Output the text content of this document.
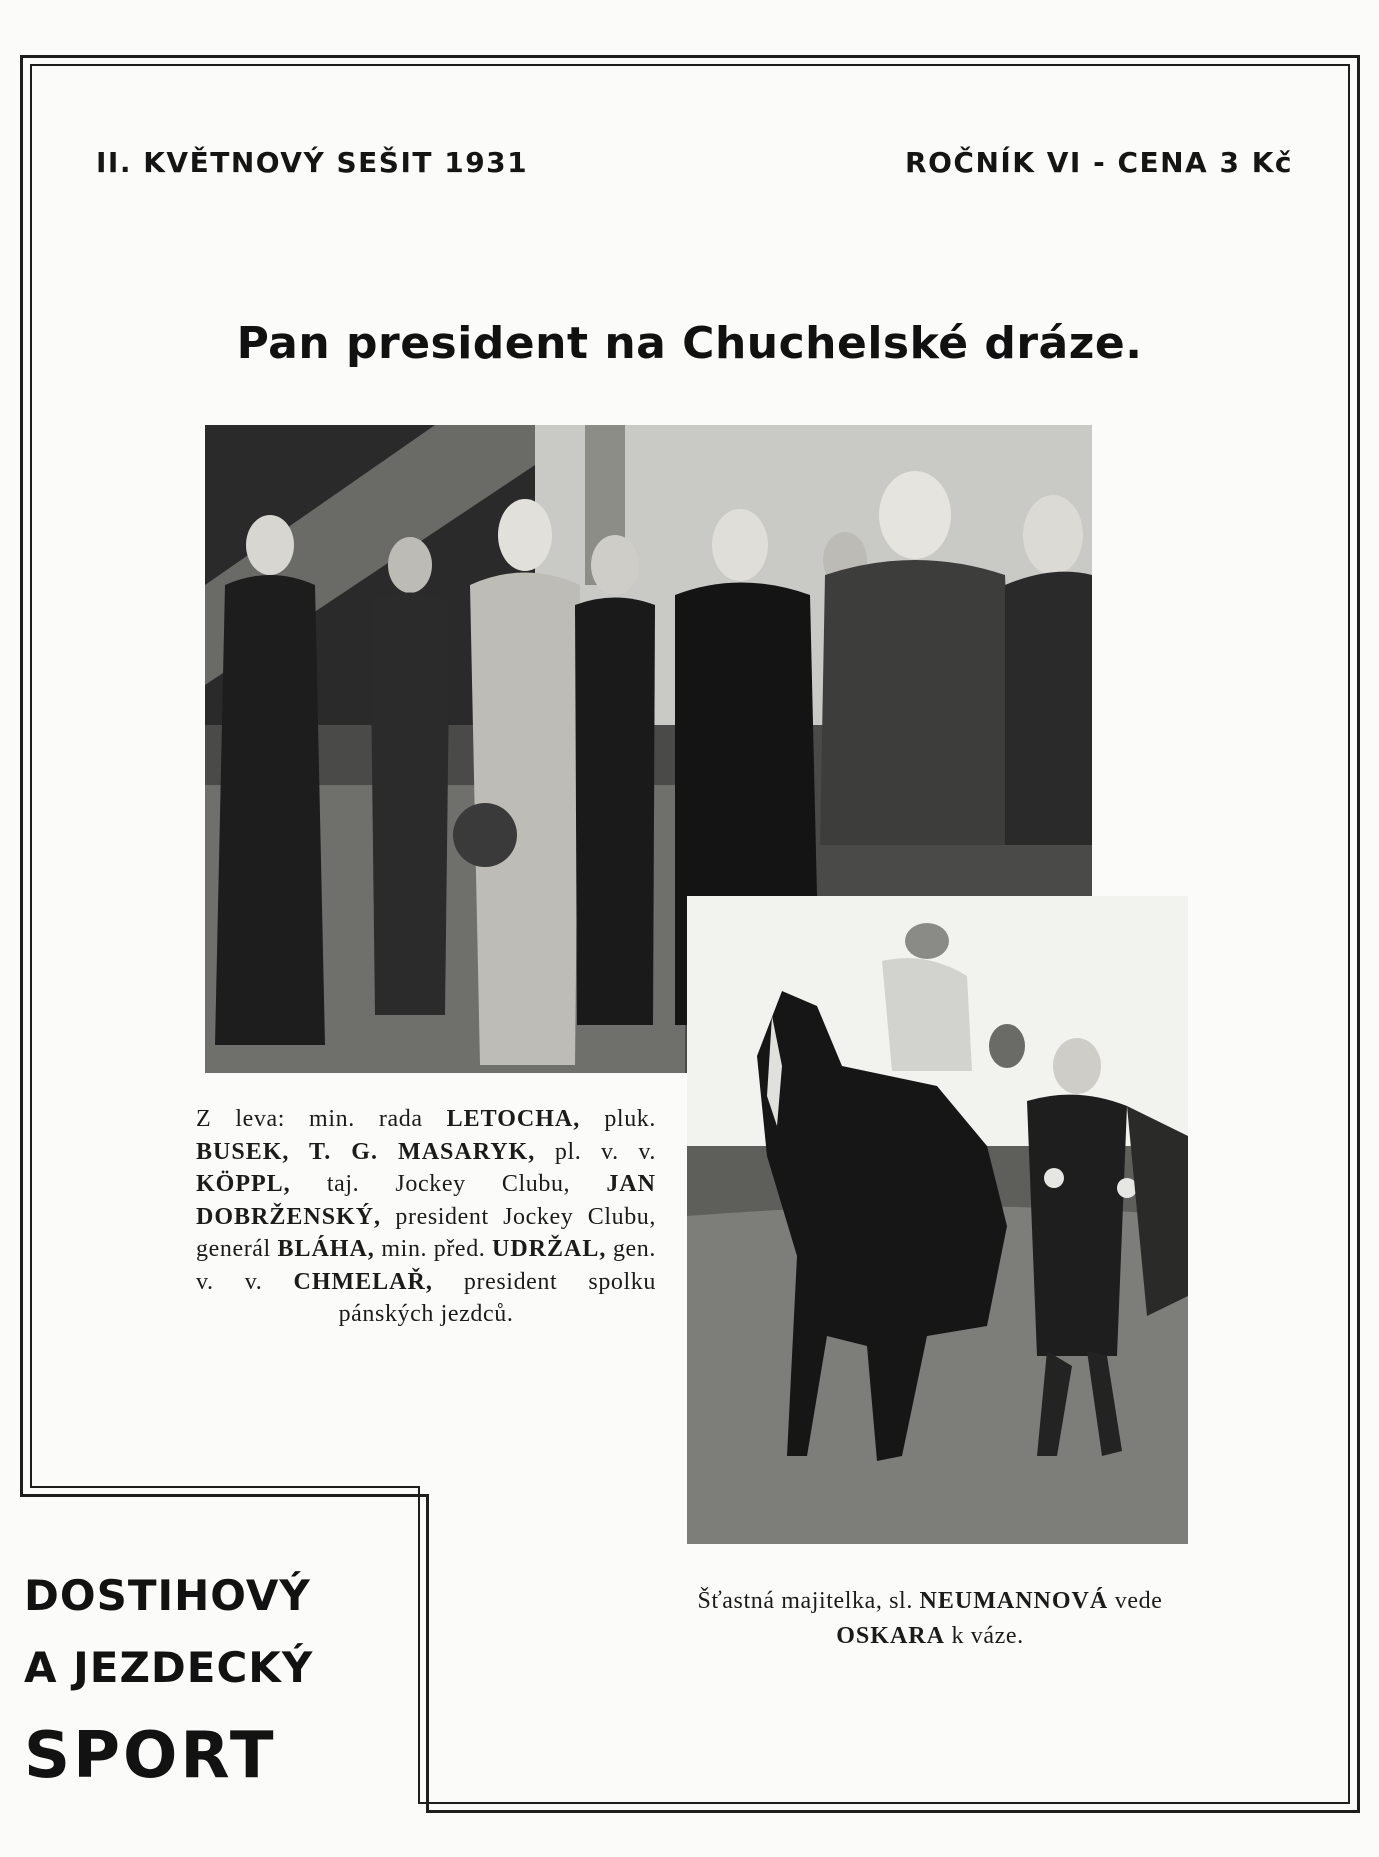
II. KVĚTNOVÝ SEŠIT 1931	ROČNÍK VI - CENA 3 Kč
Pan president na Chuchelské dráze.
Z leva: min. rada LETOCHA, pluk. BUSEK, T. G. MASARYK, pl. v. v. KÖPPL, taj. Jockey Clubu, JAN DOBRŽENSKÝ, president Jockey Clubu, generál BLÁHA, min. před. UDRŽAL, gen. v. v. CHMELAŘ, president spolku pánských jezdců.
Šťastná majitelka, sl. NEUMANNOVÁ vede OSKARA k váze.
DOSTIHOVÝ
A JEZDECKÝ
SPORT
